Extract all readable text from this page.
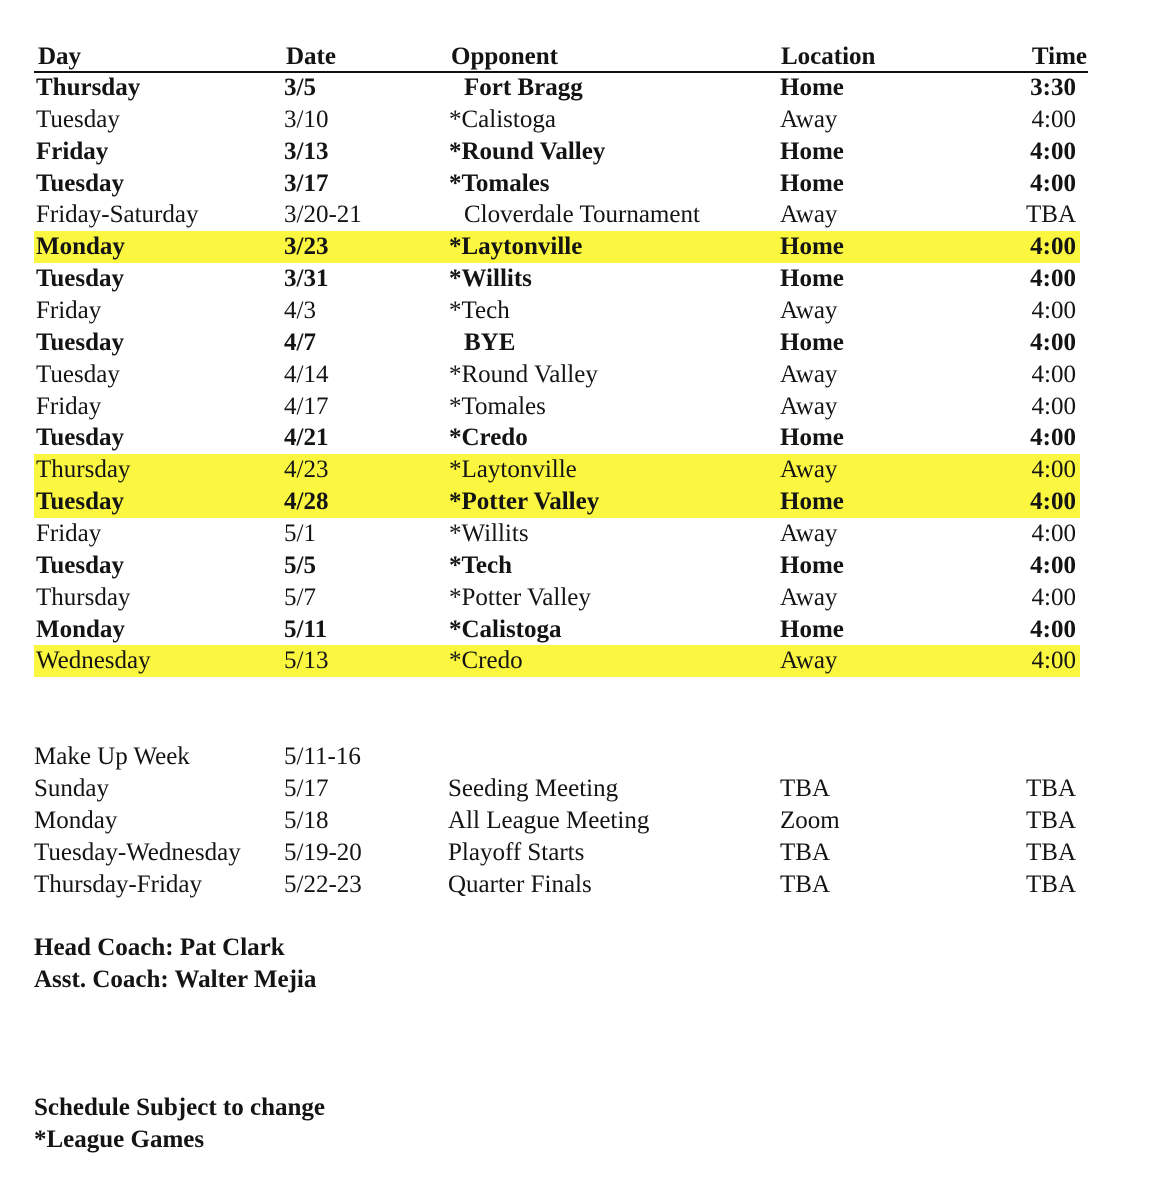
Day	Date	Opponent	Location	Time
Thursday	3/5	Fort Bragg	Home	3:30
Tuesday	3/10	*Calistoga	Away	4:00
Friday	3/13	*Round Valley	Home	4:00
Tuesday	3/17	*Tomales	Home	4:00
Friday-Saturday	3/20-21	Cloverdale Tournament	Away	TBA
Monday	3/23	*Laytonville	Home	4:00
Tuesday	3/31	*Willits	Home	4:00
Friday	4/3	*Tech	Away	4:00
Tuesday	4/7	BYE	Home	4:00
Tuesday	4/14	*Round Valley	Away	4:00
Friday	4/17	*Tomales	Away	4:00
Tuesday	4/21	*Credo	Home	4:00
Thursday	4/23	*Laytonville	Away	4:00
Tuesday	4/28	*Potter Valley	Home	4:00
Friday	5/1	*Willits	Away	4:00
Tuesday	5/5	*Tech	Home	4:00
Thursday	5/7	*Potter Valley	Away	4:00
Monday	5/11	*Calistoga	Home	4:00
Wednesday	5/13	*Credo	Away	4:00
Make Up Week	5/11-16
Sunday	5/17	Seeding Meeting	TBA	TBA
Monday	5/18	All League Meeting	Zoom	TBA
Tuesday-Wednesday 5/19-20	Playoff Starts	TBA	TBA
Thursday-Friday	5/22-23	Quarter Finals	TBA	TBA
Head Coach: Pat Clark
Asst. Coach: Walter Mejia
Schedule Subject to change
*League Games
